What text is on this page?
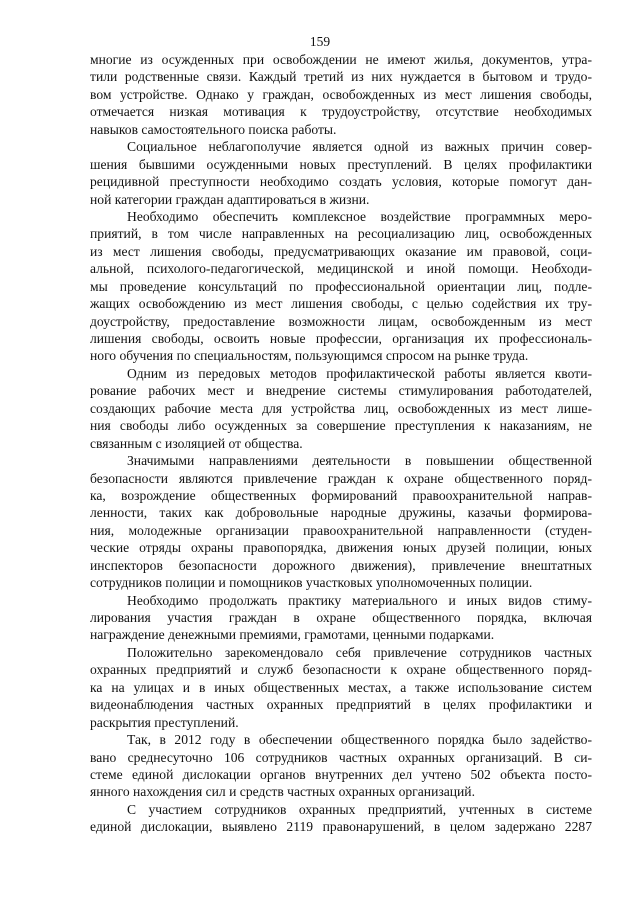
159
многие из осужденных при освобождении не имеют жилья, документов, утра-
тили родственные связи. Каждый третий из них нуждается в бытовом и трудо-
вом устройстве. Однако у граждан, освобожденных из мест лишения свободы,
отмечается низкая мотивация к трудоустройству, отсутствие необходимых
навыков самостоятельного поиска работы.
Социальное неблагополучие является одной из важных причин совер-
шения бывшими осужденными новых преступлений. В целях профилактики
рецидивной преступности необходимо создать условия, которые помогут дан-
ной категории граждан адаптироваться в жизни.
Необходимо обеспечить комплексное воздействие программных меро-
приятий, в том числе направленных на ресоциализацию лиц, освобожденных
из мест лишения свободы, предусматривающих оказание им правовой, соци-
альной, психолого-педагогической, медицинской и иной помощи. Необходи-
мы проведение консультаций по профессиональной ориентации лиц, подле-
жащих освобождению из мест лишения свободы, с целью содействия их тру-
доустройству, предоставление возможности лицам, освобожденным из мест
лишения свободы, освоить новые профессии, организация их профессиональ-
ного обучения по специальностям, пользующимся спросом на рынке труда.
Одним из передовых методов профилактической работы является квоти-
рование рабочих мест и внедрение системы стимулирования работодателей,
создающих рабочие места для устройства лиц, освобожденных из мест лише-
ния свободы либо осужденных за совершение преступления к наказаниям, не
связанным с изоляцией от общества.
Значимыми направлениями деятельности в повышении общественной
безопасности являются привлечение граждан к охране общественного поряд-
ка, возрождение общественных формирований правоохранительной направ-
ленности, таких как добровольные народные дружины, казачьи формирова-
ния, молодежные организации правоохранительной направленности (студен-
ческие отряды охраны правопорядка, движения юных друзей полиции, юных
инспекторов безопасности дорожного движения), привлечение внештатных
сотрудников полиции и помощников участковых уполномоченных полиции.
Необходимо продолжать практику материального и иных видов стиму-
лирования участия граждан в охране общественного порядка, включая
награждение денежными премиями, грамотами, ценными подарками.
Положительно зарекомендовало себя привлечение сотрудников частных
охранных предприятий и служб безопасности к охране общественного поряд-
ка на улицах и в иных общественных местах, а также использование систем
видеонаблюдения частных охранных предприятий в целях профилактики и
раскрытия преступлений.
Так, в 2012 году в обеспечении общественного порядка было задейство-
вано среднесуточно 106 сотрудников частных охранных организаций. В си-
стеме единой дислокации органов внутренних дел учтено 502 объекта посто-
янного нахождения сил и средств частных охранных организаций.
С участием сотрудников охранных предприятий, учтенных в системе
единой дислокации, выявлено 2119 правонарушений, в целом задержано 2287
